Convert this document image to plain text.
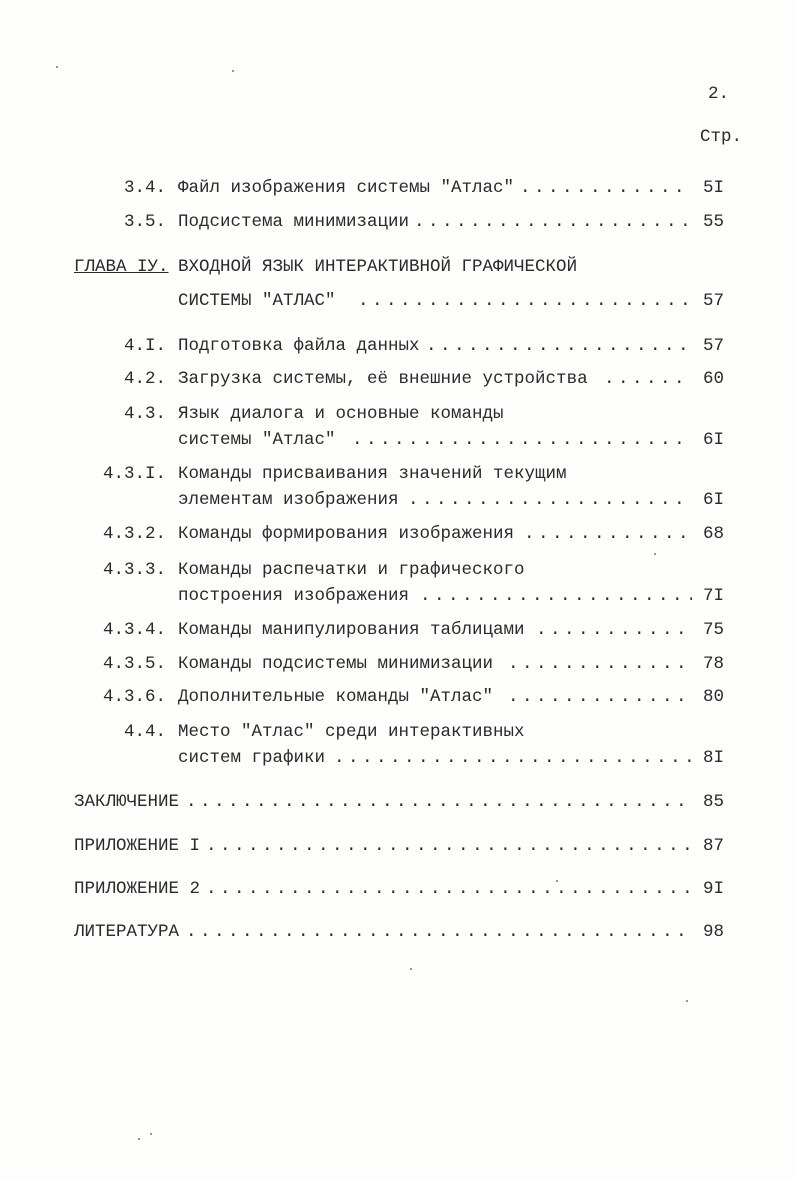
2.
Стр.
3.4. Файл изображения системы "Атлас" . . .	5I
3.5. Подсистема минимизации . . .	55
ГЛАВА IУ. ВХОДНОЙ ЯЗЫК ИНТЕРАКТИВНОЙ ГРАФИЧЕСКОЙ
СИСТЕМЫ "АТЛАС" . . .	57
4.I. Подготовка файла данных . . .	57
4.2. Загрузка системы, её внешние устройства . . .	60
4.3. Язык диалога и основные команды
системы "Атлас" . . .	6I
4.3.I. Команды присваивания значений текущим
элементам изображения . . .	6I
4.3.2. Команды формирования изображения . . .	68
4.3.3. Команды распечатки и графического
построения изображения . . .	7I
4.3.4. Команды манипулирования таблицами . . .	75
4.3.5. Команды подсистемы минимизации . . .	78
4.3.6. Дополнительные команды "Атлас" . . .	80
4.4. Место "Атлас" среди интерактивных
систем графики . . .	8I
ЗАКЛЮЧЕНИЕ . . .	85
ПРИЛОЖЕНИЕ I . . .	87
ПРИЛОЖЕНИЕ 2 . . .	9I
ЛИТЕРАТУРА . . .	98
